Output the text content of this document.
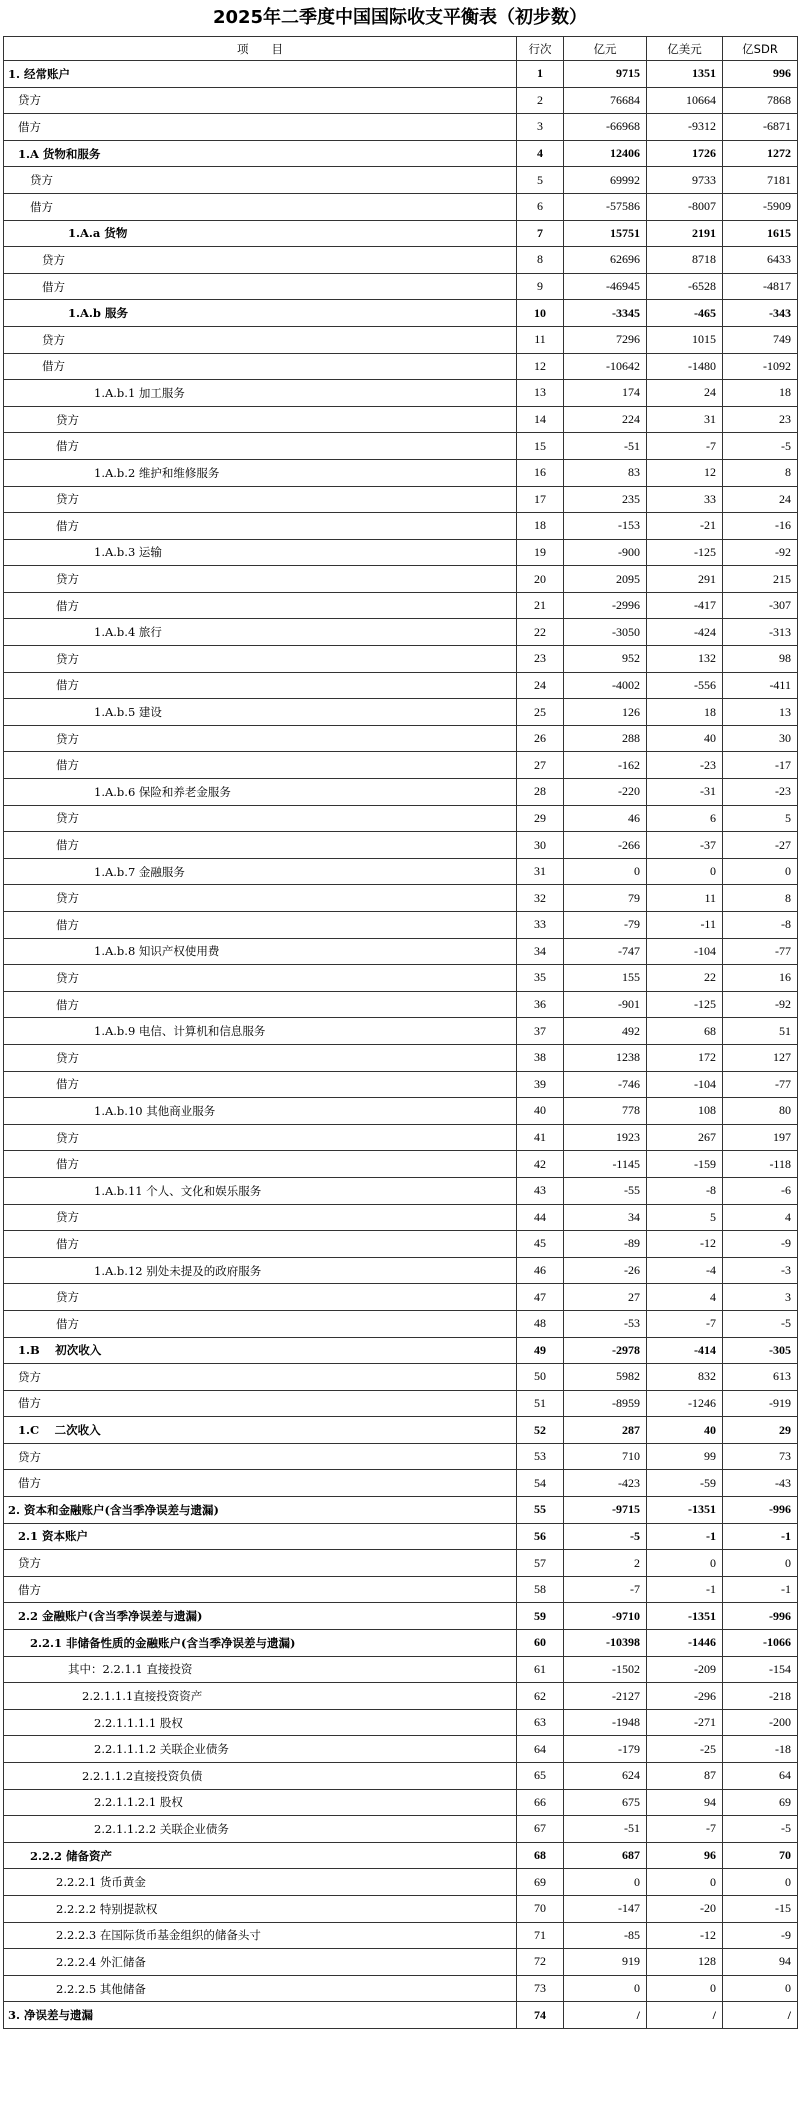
2025年二季度中国国际收支平衡表（初步数）
项　　目	行次	亿元	亿美元	亿SDR
1. 经常账户	1	9715	1351	996
贷方	2	76684	10664	7868
借方	3	-66968	-9312	-6871
1.A 货物和服务	4	12406	1726	1272
贷方	5	69992	9733	7181
借方	6	-57586	-8007	-5909
1.A.a 货物	7	15751	2191	1615
贷方	8	62696	8718	6433
借方	9	-46945	-6528	-4817
1.A.b 服务	10	-3345	-465	-343
贷方	11	7296	1015	749
借方	12	-10642	-1480	-1092
1.A.b.1 加工服务	13	174	24	18
贷方	14	224	31	23
借方	15	-51	-7	-5
1.A.b.2 维护和维修服务	16	83	12	8
贷方	17	235	33	24
借方	18	-153	-21	-16
1.A.b.3 运输	19	-900	-125	-92
贷方	20	2095	291	215
借方	21	-2996	-417	-307
1.A.b.4 旅行	22	-3050	-424	-313
贷方	23	952	132	98
借方	24	-4002	-556	-411
1.A.b.5 建设	25	126	18	13
贷方	26	288	40	30
借方	27	-162	-23	-17
1.A.b.6 保险和养老金服务	28	-220	-31	-23
贷方	29	46	6	5
借方	30	-266	-37	-27
1.A.b.7 金融服务	31	0	0	0
贷方	32	79	11	8
借方	33	-79	-11	-8
1.A.b.8 知识产权使用费	34	-747	-104	-77
贷方	35	155	22	16
借方	36	-901	-125	-92
1.A.b.9 电信、计算机和信息服务	37	492	68	51
贷方	38	1238	172	127
借方	39	-746	-104	-77
1.A.b.10 其他商业服务	40	778	108	80
贷方	41	1923	267	197
借方	42	-1145	-159	-118
1.A.b.11 个人、文化和娱乐服务	43	-55	-8	-6
贷方	44	34	5	4
借方	45	-89	-12	-9
1.A.b.12 别处未提及的政府服务	46	-26	-4	-3
贷方	47	27	4	3
借方	48	-53	-7	-5
1.B　 初次收入	49	-2978	-414	-305
贷方	50	5982	832	613
借方	51	-8959	-1246	-919
1.C　 二次收入	52	287	40	29
贷方	53	710	99	73
借方	54	-423	-59	-43
2. 资本和金融账户(含当季净误差与遗漏)	55	-9715	-1351	-996
2.1 资本账户	56	-5	-1	-1
贷方	57	2	0	0
借方	58	-7	-1	-1
2.2 金融账户(含当季净误差与遗漏)	59	-9710	-1351	-996
2.2.1 非储备性质的金融账户(含当季净误差与遗漏)	60	-10398	-1446	-1066
其中：2.2.1.1 直接投资	61	-1502	-209	-154
2.2.1.1.1直接投资资产	62	-2127	-296	-218
2.2.1.1.1.1 股权	63	-1948	-271	-200
2.2.1.1.1.2 关联企业债务	64	-179	-25	-18
2.2.1.1.2直接投资负债	65	624	87	64
2.2.1.1.2.1 股权	66	675	94	69
2.2.1.1.2.2 关联企业债务	67	-51	-7	-5
2.2.2 储备资产	68	687	96	70
2.2.2.1 货币黄金	69	0	0	0
2.2.2.2 特别提款权	70	-147	-20	-15
2.2.2.3 在国际货币基金组织的储备头寸	71	-85	-12	-9
2.2.2.4 外汇储备	72	919	128	94
2.2.2.5 其他储备	73	0	0	0
3. 净误差与遗漏	74	/	/	/
